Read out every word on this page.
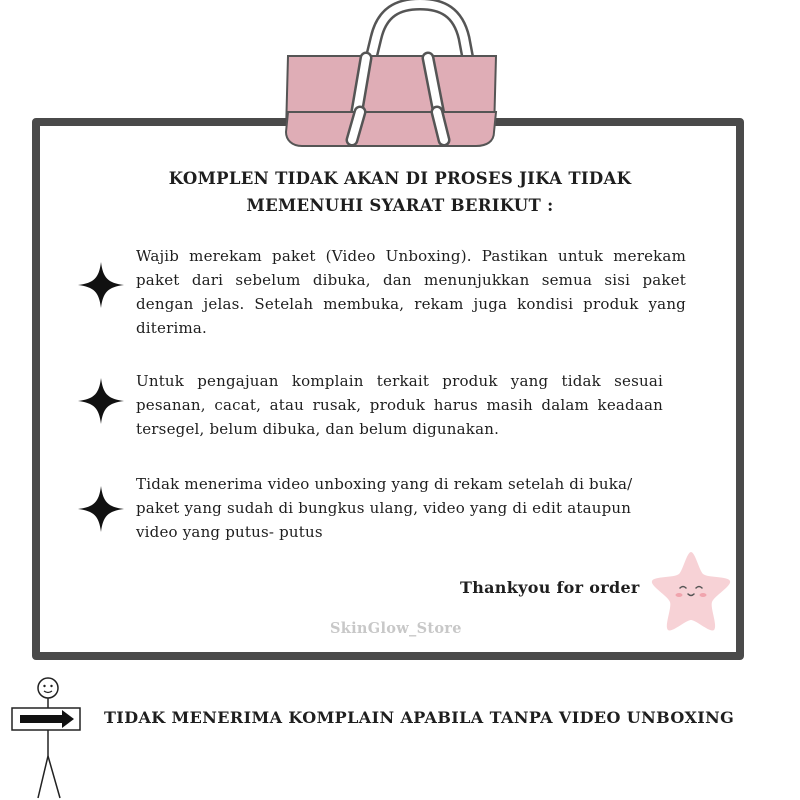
KOMPLEN TIDAK AKAN DI PROSES JIKA TIDAK
MEMENUHI SYARAT BERIKUT :
Wajib merekam paket (Video Unboxing). Pastikan untuk merekam paket dari sebelum dibuka, dan menunjukkan semua sisi paket dengan jelas. Setelah membuka, rekam juga kondisi produk yang diterima.
Untuk pengajuan komplain terkait produk yang tidak sesuai pesanan, cacat, atau rusak, produk harus masih dalam keadaan tersegel, belum dibuka, dan belum digunakan.
Tidak menerima video unboxing yang di rekam setelah di buka/
paket yang sudah di bungkus ulang, video yang di edit ataupun
video yang putus- putus
Thankyou for order
SkinGlow_Store
TIDAK MENERIMA KOMPLAIN APABILA TANPA VIDEO UNBOXING
